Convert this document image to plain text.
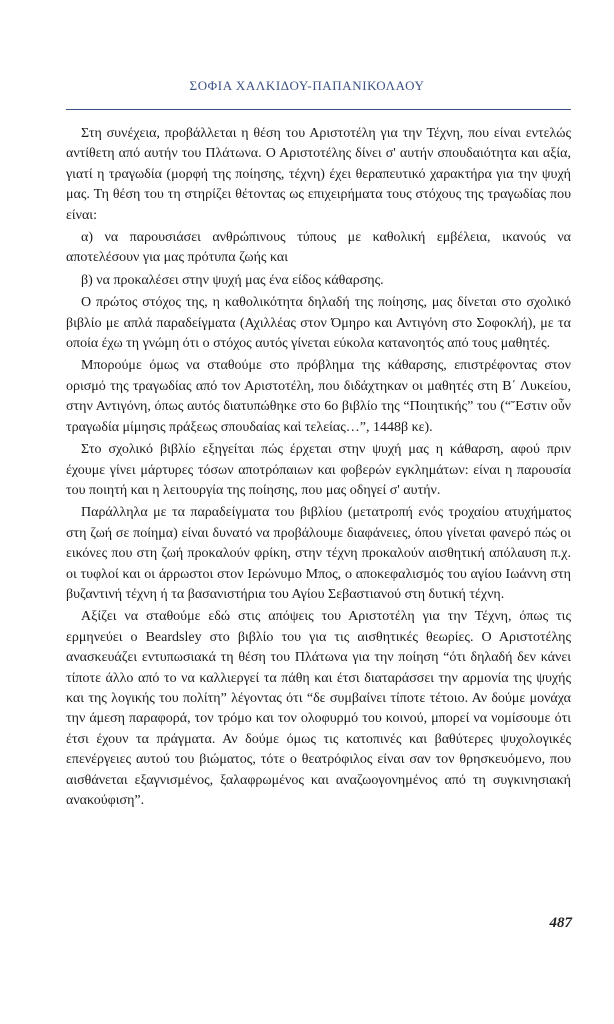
ΣΟΦΙΑ ΧΑΛΚΙΔΟΥ-ΠΑΠΑΝΙΚΟΛΑΟΥ

Στη συνέχεια, προβάλλεται η θέση του Αριστοτέλη για την Τέχνη, που είναι εντελώς αντίθετη από αυτήν του Πλάτωνα. Ο Αριστοτέλης δίνει σ' αυτήν σπουδαιότητα και αξία, γιατί η τραγωδία (μορφή της ποίησης, τέχνη) έχει θεραπευτικό χαρακτήρα για την ψυχή μας. Τη θέση του τη στηρίζει θέτοντας ως επιχειρήματα τους στόχους της τραγωδίας που είναι:

α) να παρουσιάσει ανθρώπινους τύπους με καθολική εμβέλεια, ικανούς να αποτελέσουν για μας πρότυπα ζωής και

β) να προκαλέσει στην ψυχή μας ένα είδος κάθαρσης.

Ο πρώτος στόχος της, η καθολικότητα δηλαδή της ποίησης, μας δίνεται στο σχολικό βιβλίο με απλά παραδείγματα (Αχιλλέας στον Όμηρο και Αντιγόνη στο Σοφοκλή), με τα οποία έχω τη γνώμη ότι ο στόχος αυτός γίνεται εύκολα κατανοητός από τους μαθητές.

Μπορούμε όμως να σταθούμε στο πρόβλημα της κάθαρσης, επιστρέφοντας στον ορισμό της τραγωδίας από τον Αριστοτέλη, που διδάχτηκαν οι μαθητές στη Β΄ Λυκείου, στην Αντιγόνη, όπως αυτός διατυπώθηκε στο 6ο βιβλίο της “Ποιητικής” του (“Ἔστιν οὖν τραγωδία μίμησις πράξεως σπουδαίας καὶ τελείας…”, 1448β κε).

Στο σχολικό βιβλίο εξηγείται πώς έρχεται στην ψυχή μας η κάθαρση, αφού πριν έχουμε γίνει μάρτυρες τόσων αποτρόπαιων και φοβερών εγκλημάτων: είναι η παρουσία του ποιητή και η λειτουργία της ποίησης, που μας οδηγεί σ' αυτήν.

Παράλληλα με τα παραδείγματα του βιβλίου (μετατροπή ενός τροχαίου ατυχήματος στη ζωή σε ποίημα) είναι δυνατό να προβάλουμε διαφάνειες, όπου γίνεται φανερό πώς οι εικόνες που στη ζωή προκαλούν φρίκη, στην τέχνη προκαλούν αισθητική απόλαυση π.χ. οι τυφλοί και οι άρρωστοι στον Ιερώνυμο Μπος, ο αποκεφαλισμός του αγίου Ιωάννη στη βυζαντινή τέχνη ή τα βασανιστήρια του Αγίου Σεβαστιανού στη δυτική τέχνη.

Αξίζει να σταθούμε εδώ στις απόψεις του Αριστοτέλη για την Τέχνη, όπως τις ερμηνεύει ο Beardsley στο βιβλίο του για τις αισθητικές θεωρίες. Ο Αριστοτέλης ανασκευάζει εντυπωσιακά τη θέση του Πλάτωνα για την ποίηση “ότι δηλαδή δεν κάνει τίποτε άλλο από το να καλλιεργεί τα πάθη και έτσι διαταράσσει την αρμονία της ψυχής και της λογικής του πολίτη” λέγοντας ότι “δε συμβαίνει τίποτε τέτοιο. Αν δούμε μονάχα την άμεση παραφορά, τον τρόμο και τον ολοφυρμό του κοινού, μπορεί να νομίσουμε ότι έτσι έχουν τα πράγματα. Αν δούμε όμως τις κατοπινές και βαθύτερες ψυχολογικές επενέργειες αυτού του βιώματος, τότε ο θεατρόφιλος είναι σαν τον θρησκευόμενο, που αισθάνεται εξαγνισμένος, ξαλαφρωμένος και αναζωογονημένος από τη συγκινησιακή ανακούφιση”.

487
